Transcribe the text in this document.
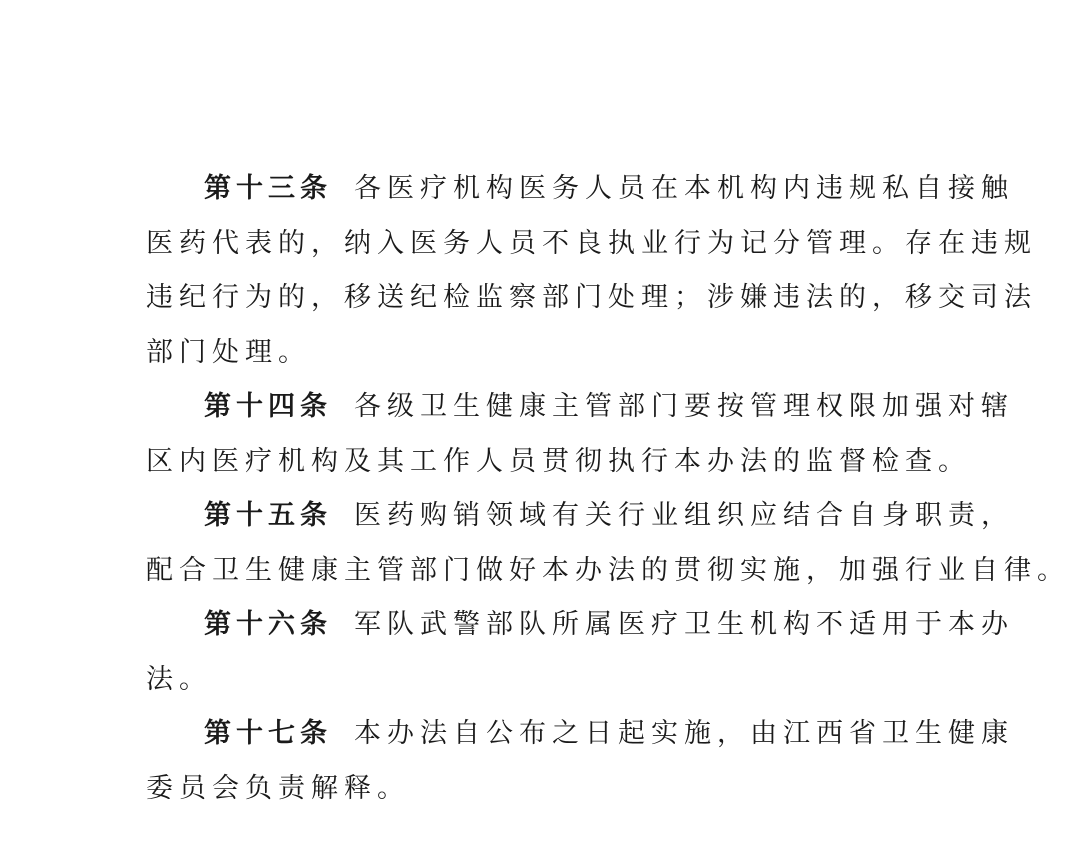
第十三条 各医疗机构医务人员在本机构内违规私自接触
医药代表的，纳入医务人员不良执业行为记分管理。存在违规
违纪行为的，移送纪检监察部门处理；涉嫌违法的，移交司法
部门处理。
第十四条 各级卫生健康主管部门要按管理权限加强对辖
区内医疗机构及其工作人员贯彻执行本办法的监督检查。
第十五条 医药购销领域有关行业组织应结合自身职责，
配合卫生健康主管部门做好本办法的贯彻实施，加强行业自律。
第十六条 军队武警部队所属医疗卫生机构不适用于本办
法。
第十七条 本办法自公布之日起实施，由江西省卫生健康
委员会负责解释。
